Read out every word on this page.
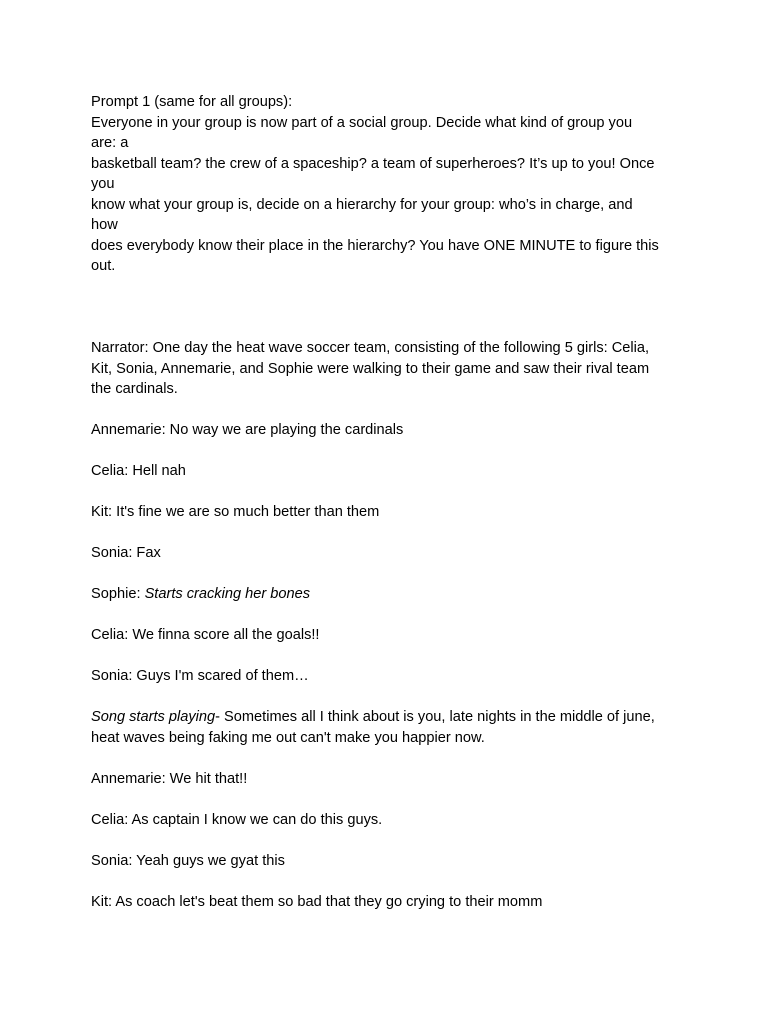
Prompt 1 (same for all groups):
Everyone in your group is now part of a social group. Decide what kind of group you
are: a
basketball team? the crew of a spaceship? a team of superheroes? It’s up to you! Once
you
know what your group is, decide on a hierarchy for your group: who’s in charge, and
how
does everybody know their place in the hierarchy? You have ONE MINUTE to figure this
out.
Narrator: One day the heat wave soccer team, consisting of the following 5 girls: Celia,
Kit, Sonia, Annemarie, and Sophie were walking to their game and saw their rival team
the cardinals.
Annemarie: No way we are playing the cardinals
Celia: Hell nah
Kit: It's fine we are so much better than them
Sonia: Fax
Sophie: Starts cracking her bones
Celia: We finna score all the goals!!
Sonia: Guys I'm scared of them…
Song starts playing- Sometimes all I think about is you, late nights in the middle of june,
heat waves being faking me out can't make you happier now.
Annemarie: We hit that!!
Celia: As captain I know we can do this guys.
Sonia: Yeah guys we gyat this
Kit: As coach let's beat them so bad that they go crying to their momm
